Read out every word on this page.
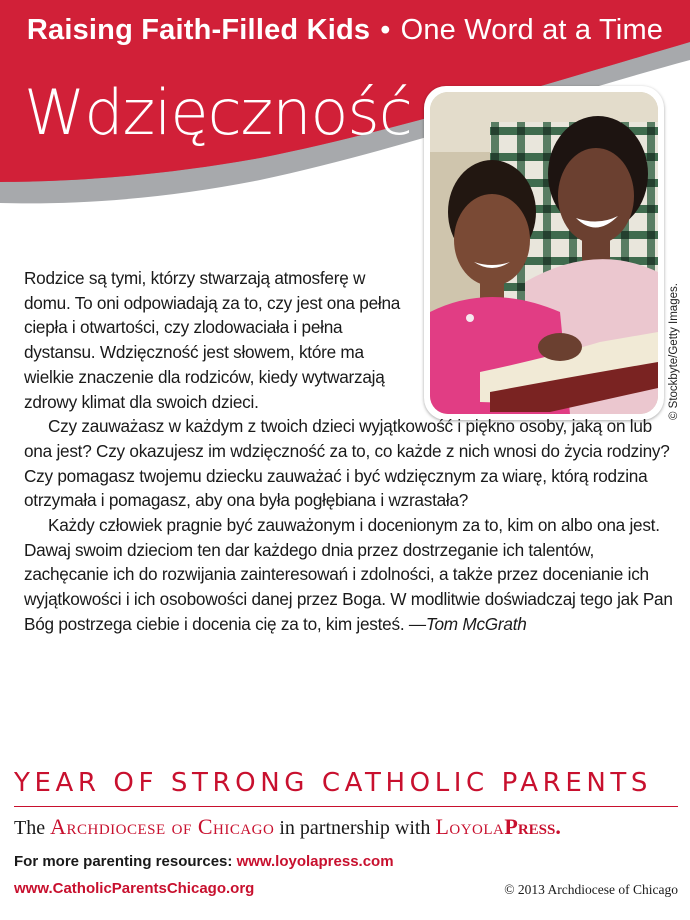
Raising Faith-Filled Kids • One Word at a Time
Wdzięczność
© Stockbyte/Getty Images.

Rodzice są tymi, którzy stwarzają atmosferę w domu. To oni odpowiadają za to, czy jest ona pełna ciepła i otwartości, czy zlodowaciała i pełna dystansu. Wdzięczność jest słowem, które ma wielkie znaczenie dla rodziców, kiedy wytwarzają zdrowy klimat dla swoich dzieci.

Czy zauważasz w każdym z twoich dzieci wyjątkowość i piękno osoby, jaką on lub ona jest? Czy okazujesz im wdzięczność za to, co każde z nich wnosi do życia rodziny? Czy pomagasz twojemu dziecku zauważać i być wdzięcznym za wiarę, którą rodzina otrzymała i pomagasz, aby ona była pogłębiana i wzrastała?

Każdy człowiek pragnie być zauważonym i docenionym za to, kim on albo ona jest. Dawaj swoim dzieciom ten dar każdego dnia przez dostrzeganie ich talentów, zachęcanie ich do rozwijania zainteresowań i zdolności, a także przez docenianie ich wyjątkowości i ich osobowości danej przez Boga. W modlitwie doświadczaj tego jak Pan Bóg postrzega ciebie i docenia cię za to, kim jesteś. —Tom McGrath

YEAR OF STRONG CATHOLIC PARENTS
The Archdiocese of Chicago in partnership with LoyolaPress.
For more parenting resources: www.loyolapress.com
www.CatholicParentsChicago.org	© 2013 Archdiocese of Chicago
